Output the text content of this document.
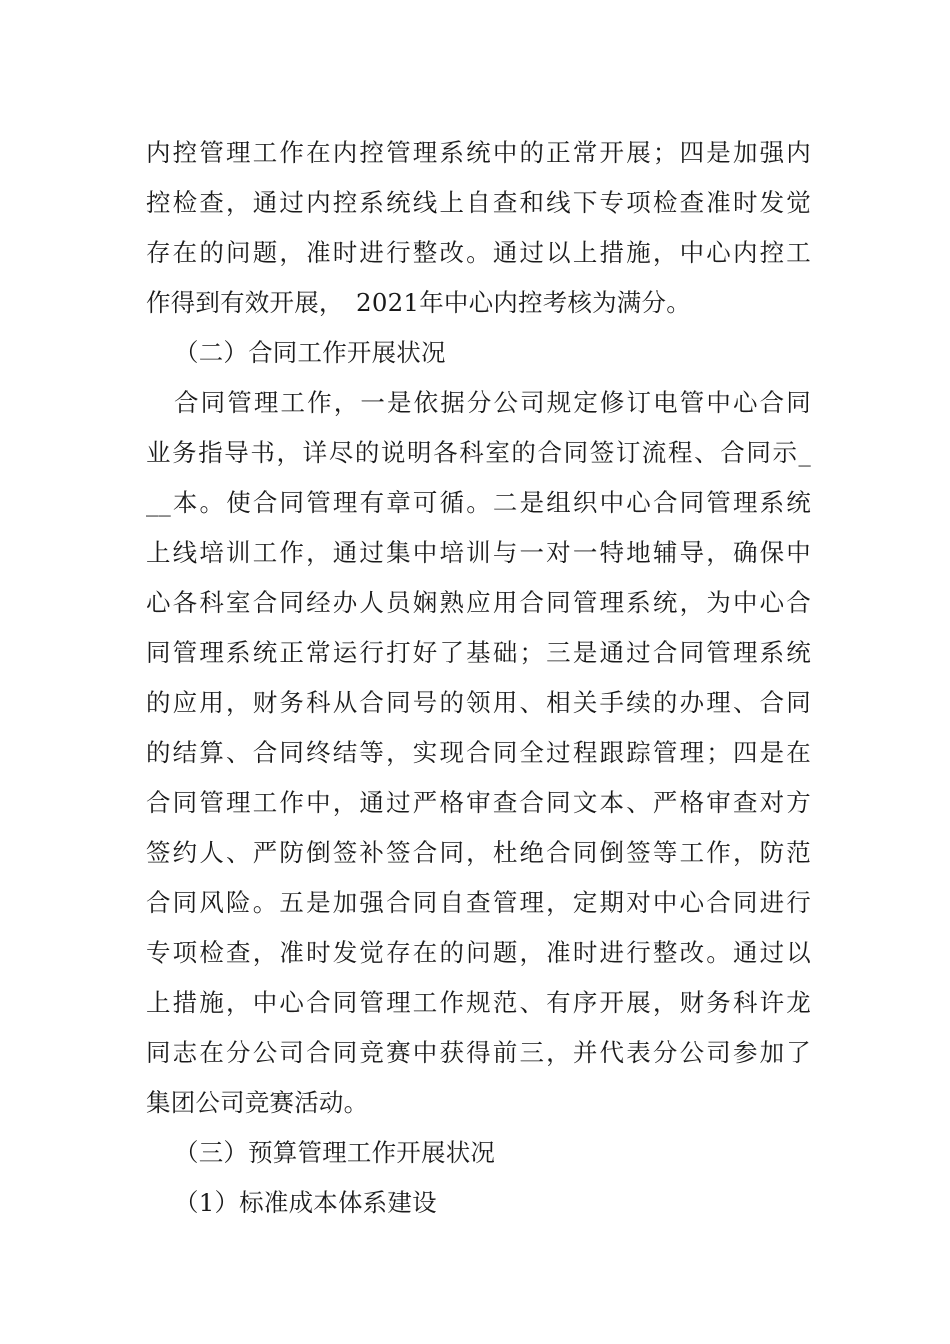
内控管理工作在内控管理系统中的正常开展；四是加强内
控检查，通过内控系统线上自查和线下专项检查准时发觉
存在的问题，准时进行整改。通过以上措施，中心内控工
作得到有效开展，　2021年中心内控考核为满分。
（二）合同工作开展状况
合同管理工作，一是依据分公司规定修订电管中心合同
业务指导书，详尽的说明各科室的合同签订流程、合同示_
__本。使合同管理有章可循。二是组织中心合同管理系统
上线培训工作，通过集中培训与一对一特地辅导，确保中
心各科室合同经办人员娴熟应用合同管理系统，为中心合
同管理系统正常运行打好了基础；三是通过合同管理系统
的应用，财务科从合同号的领用、相关手续的办理、合同
的结算、合同终结等，实现合同全过程跟踪管理；四是在
合同管理工作中，通过严格审查合同文本、严格审查对方
签约人、严防倒签补签合同，杜绝合同倒签等工作，防范
合同风险。五是加强合同自查管理，定期对中心合同进行
专项检查，准时发觉存在的问题，准时进行整改。通过以
上措施，中心合同管理工作规范、有序开展，财务科许龙
同志在分公司合同竞赛中获得前三，并代表分公司参加了
集团公司竞赛活动。
（三）预算管理工作开展状况
（1）标准成本体系建设
